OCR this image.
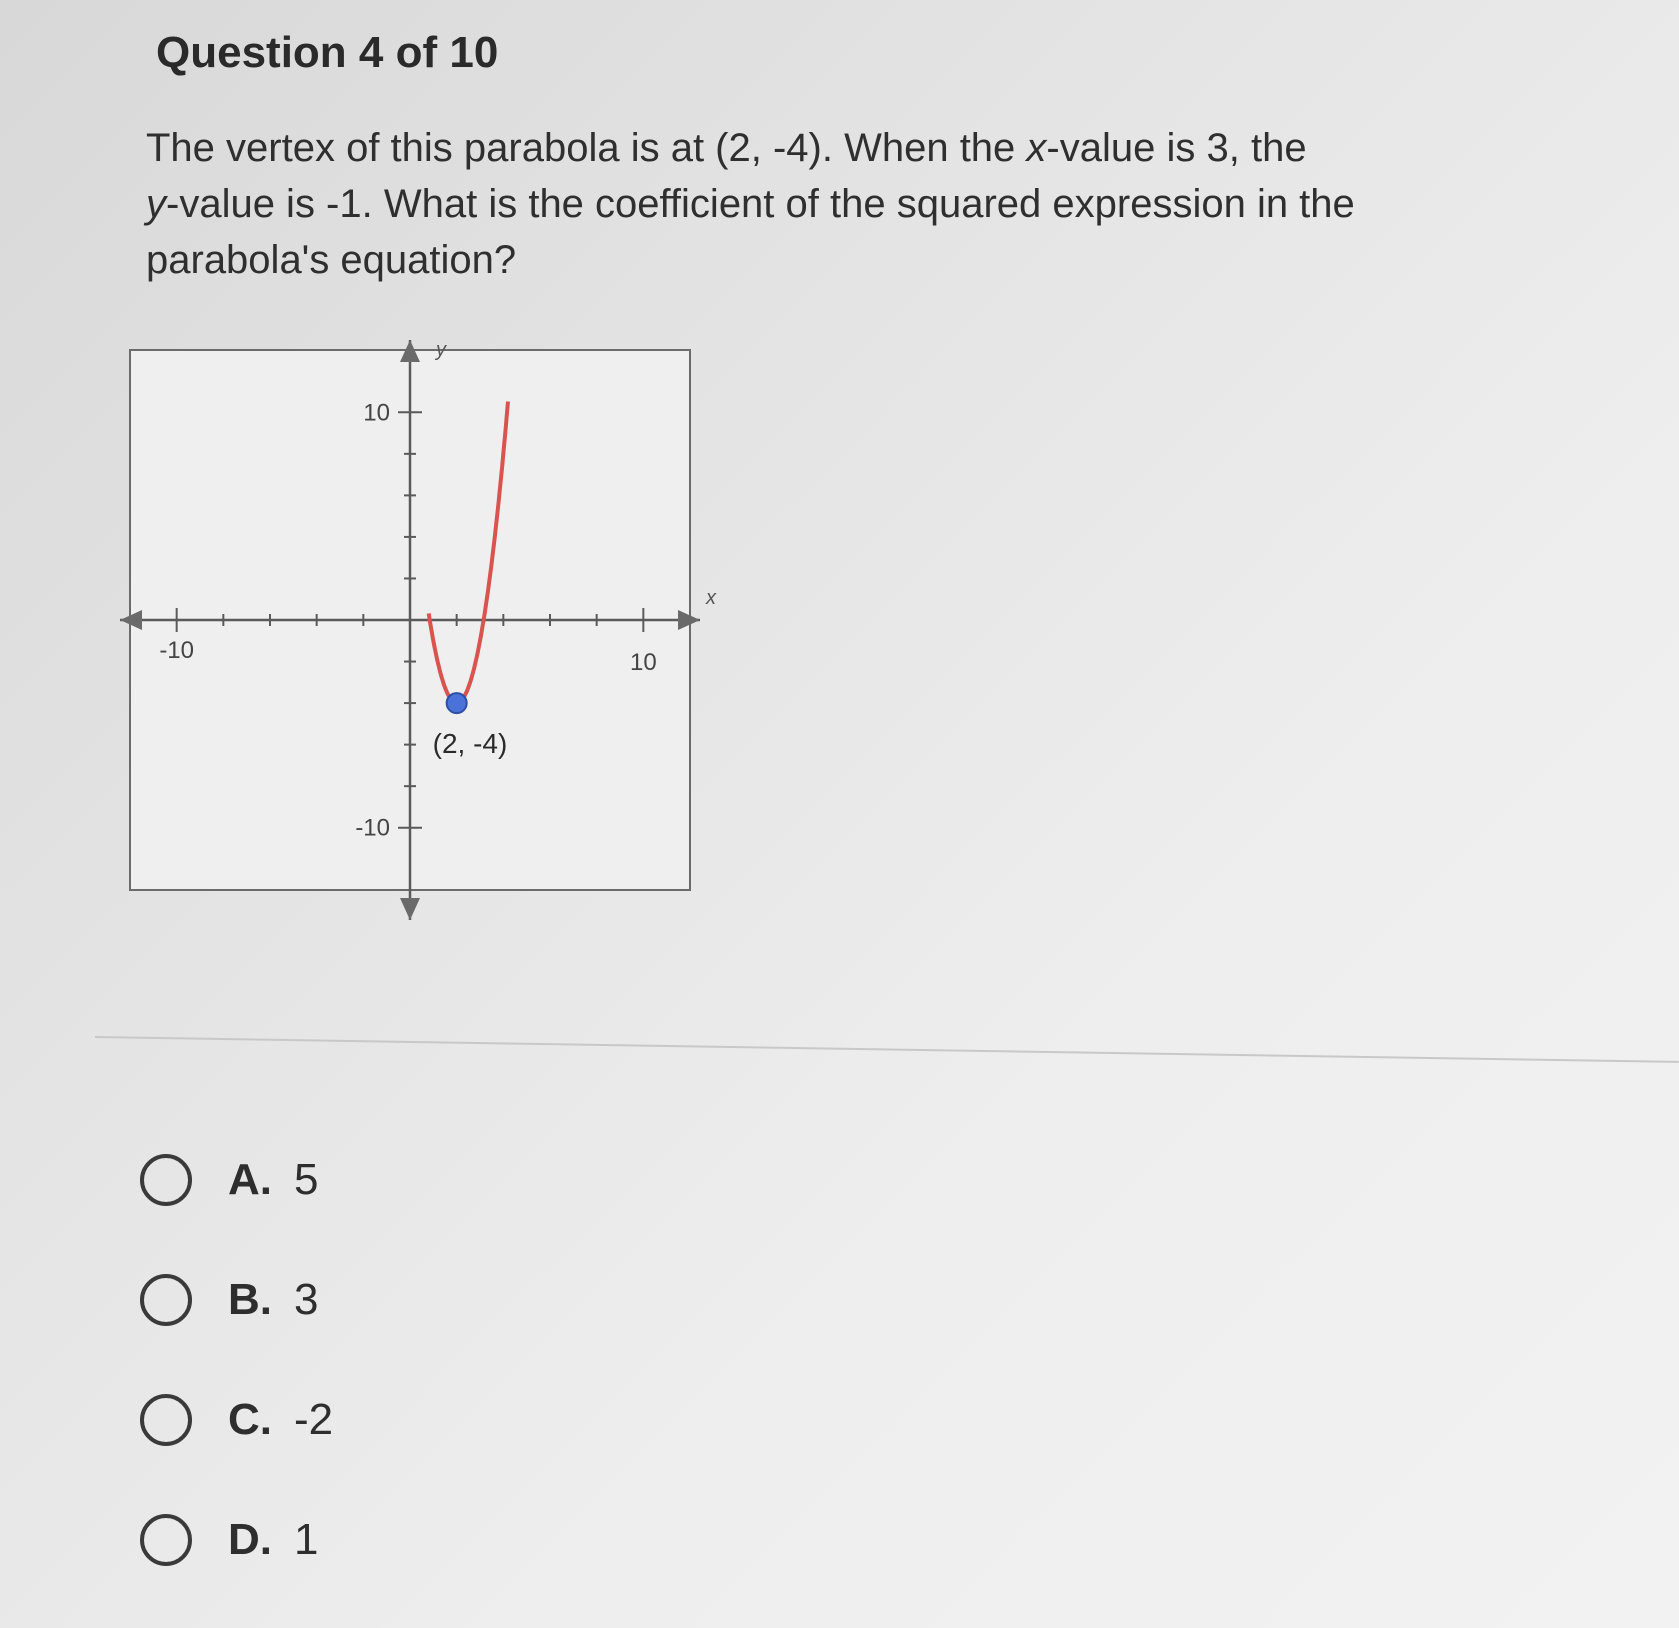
Question 4 of 10
The vertex of this parabola is at (2, -4). When the x-value is 3, the
y-value is -1. What is the coefficient of the squared expression in the parabola's equation?
x
y
-10	10
10
-10
(2, -4)
A. 5
B. 3
C. -2
D. 1
